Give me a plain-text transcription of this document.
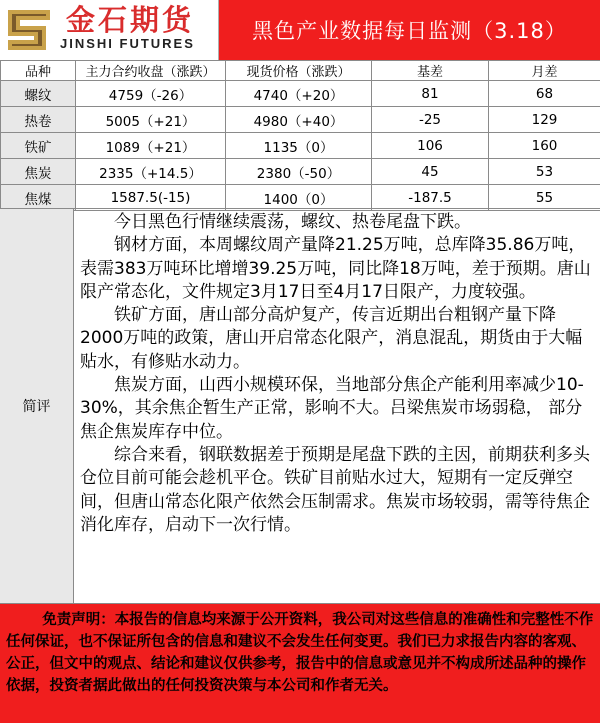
金石期货
JINSHI FUTURES
黑色产业数据每日监测（3.18）
品种	主力合约收盘（涨跌）	现货价格（涨跌）	基差	月差
螺纹	4759（-26）	4740（+20）	81	68
热卷	5005（+21）	4980（+40）	-25	129
铁矿	1089（+21）	1135（0）	106	160
焦炭	2335（+14.5）	2380（-50）	45	53
焦煤	1587.5(-15)	1400（0）	-187.5	55
简评

今日黑色行情继续震荡，螺纹、热卷尾盘下跌。

钢材方面，本周螺纹周产量降21.25万吨，总库降35.86万吨，表需383万吨环比增增39.25万吨，同比降18万吨，差于预期。唐山限产常态化，文件规定3月17日至4月17日限产，力度较强。

铁矿方面，唐山部分高炉复产，传言近期出台粗钢产量下降2000万吨的政策，唐山开启常态化限产，消息混乱，期货由于大幅贴水，有修贴水动力。

焦炭方面，山西小规模环保，当地部分焦企产能利用率减少10-30%，其余焦企暂生产正常，影响不大。吕梁焦炭市场弱稳， 部分焦企焦炭库存中位。

综合来看，钢联数据差于预期是尾盘下跌的主因，前期获利多头仓位目前可能会趁机平仓。铁矿目前贴水过大，短期有一定反弹空间，但唐山常态化限产依然会压制需求。焦炭市场较弱，需等待焦企消化库存，启动下一次行情。

免责声明：本报告的信息均来源于公开资料，我公司对这些信息的准确性和完整性不作任何保证，也不保证所包含的信息和建议不会发生任何变更。我们已力求报告内容的客观、公正，但文中的观点、结论和建议仅供参考，报告中的信息或意见并不构成所述品种的操作依据，投资者据此做出的任何投资决策与本公司和作者无关。
